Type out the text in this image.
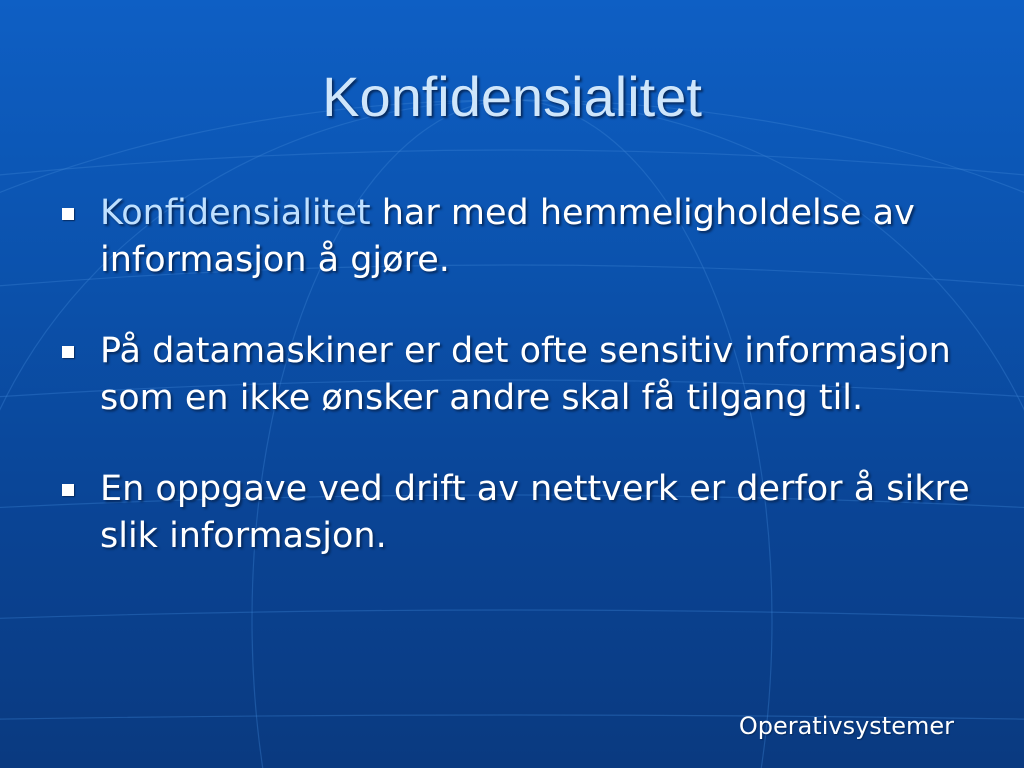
Konfidensialitet
Konfidensialitet har med hemmeligholdelse av informasjon å gjøre.
På datamaskiner er det ofte sensitiv informasjon som en ikke ønsker andre skal få tilgang til.
En oppgave ved drift av nettverk er derfor å sikre slik informasjon.
Operativsystemer
